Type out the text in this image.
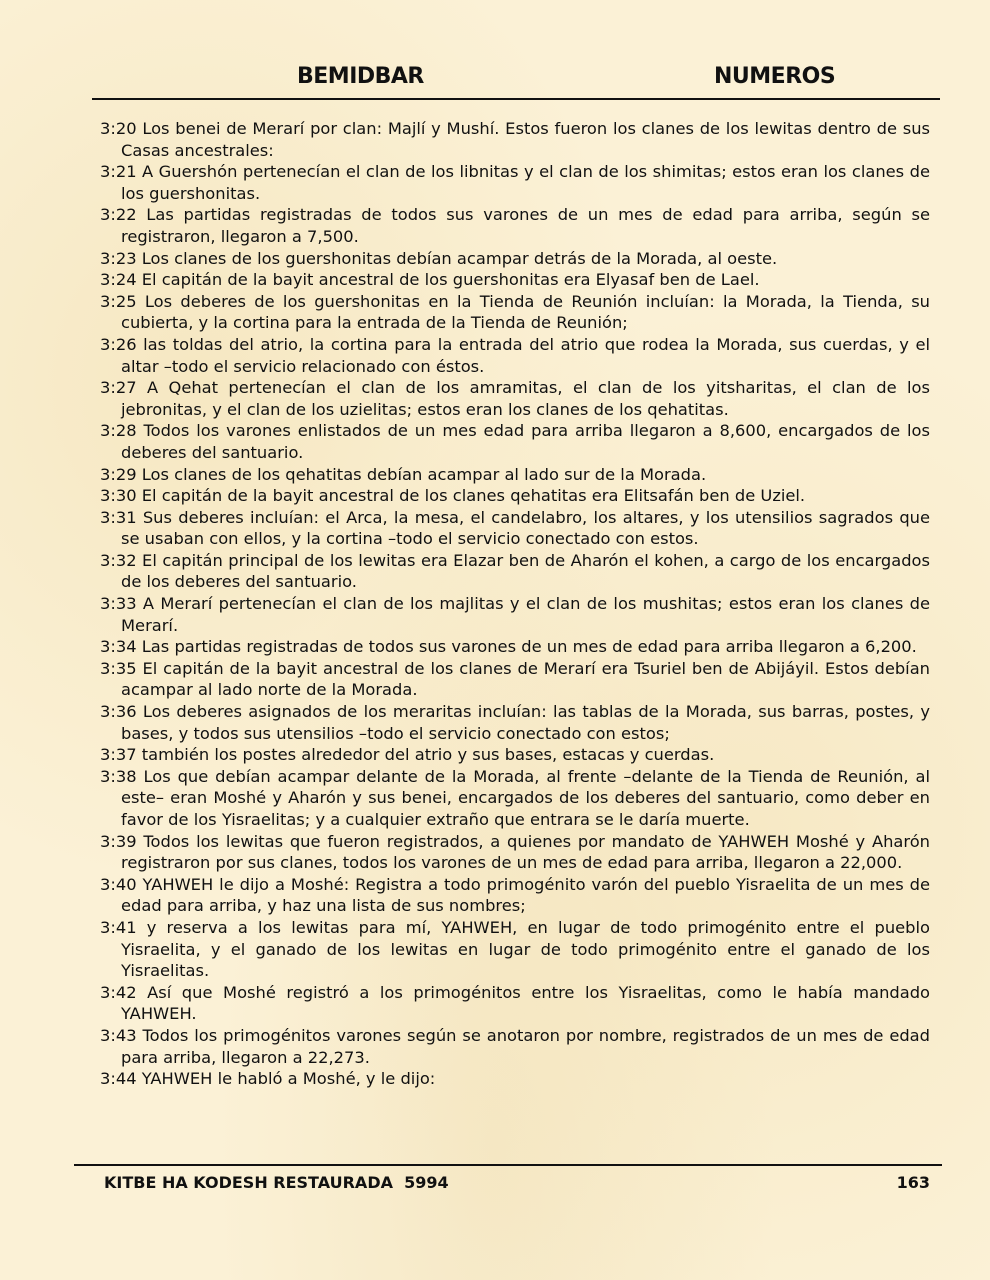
BEMIDBAR	NUMEROS

3:20 Los benei de Merarí por clan: Majlí y Mushí. Estos fueron los clanes de los lewitas dentro de sus Casas ancestrales:

3:21 A Guershón pertenecían el clan de los libnitas y el clan de los shimitas; estos eran los clanes de los guershonitas.

3:22 Las partidas registradas de todos sus varones de un mes de edad para arriba, según se registraron, llegaron a 7,500.

3:23 Los clanes de los guershonitas debían acampar detrás de la Morada, al oeste.

3:24 El capitán de la bayit ancestral de los guershonitas era Elyasaf ben de Lael.

3:25 Los deberes de los guershonitas en la Tienda de Reunión incluían: la Morada, la Tienda, su cubierta, y la cortina para la entrada de la Tienda de Reunión;

3:26 las toldas del atrio, la cortina para la entrada del atrio que rodea la Morada, sus cuerdas, y el altar –todo el servicio relacionado con éstos.

3:27 A Qehat pertenecían el clan de los amramitas, el clan de los yitsharitas, el clan de los jebronitas, y el clan de los uzielitas; estos eran los clanes de los qehatitas.

3:28 Todos los varones enlistados de un mes edad para arriba llegaron a 8,600, encargados de los deberes del santuario.

3:29 Los clanes de los qehatitas debían acampar al lado sur de la Morada.

3:30 El capitán de la bayit ancestral de los clanes qehatitas era Elitsafán ben de Uziel.

3:31 Sus deberes incluían: el Arca, la mesa, el candelabro, los altares, y los utensilios sagrados que se usaban con ellos, y la cortina –todo el servicio conectado con estos.

3:32 El capitán principal de los lewitas era Elazar ben de Aharón el kohen, a cargo de los encargados de los deberes del santuario.

3:33 A Merarí pertenecían el clan de los majlitas y el clan de los mushitas; estos eran los clanes de Merarí.

3:34 Las partidas registradas de todos sus varones de un mes de edad para arriba llegaron a 6,200.

3:35 El capitán de la bayit ancestral de los clanes de Merarí era Tsuriel ben de Abijáyil. Estos debían acampar al lado norte de la Morada.

3:36 Los deberes asignados de los meraritas incluían: las tablas de la Morada, sus barras, postes, y bases, y todos sus utensilios –todo el servicio conectado con estos;

3:37 también los postes alrededor del atrio y sus bases, estacas y cuerdas.

3:38 Los que debían acampar delante de la Morada, al frente –delante de la Tienda de Reunión, al este– eran Moshé y Aharón y sus benei, encargados de los deberes del santuario, como deber en favor de los Yisraelitas; y a cualquier extraño que entrara se le daría muerte.

3:39 Todos los lewitas que fueron registrados, a quienes por mandato de YAHWEH Moshé y Aharón registraron por sus clanes, todos los varones de un mes de edad para arriba, llegaron a 22,000.

3:40 YAHWEH le dijo a Moshé: Registra a todo primogénito varón del pueblo Yisraelita de un mes de edad para arriba, y haz una lista de sus nombres;

3:41 y reserva a los lewitas para mí, YAHWEH, en lugar de todo primogénito entre el pueblo Yisraelita, y el ganado de los lewitas en lugar de todo primogénito entre el ganado de los Yisraelitas.

3:42 Así que Moshé registró a los primogénitos entre los Yisraelitas, como le había mandado YAHWEH.

3:43 Todos los primogénitos varones según se anotaron por nombre, registrados de un mes de edad para arriba, llegaron a 22,273.

3:44 YAHWEH le habló a Moshé, y le dijo:

KITBE HA KODESH RESTAURADA  5994	163
